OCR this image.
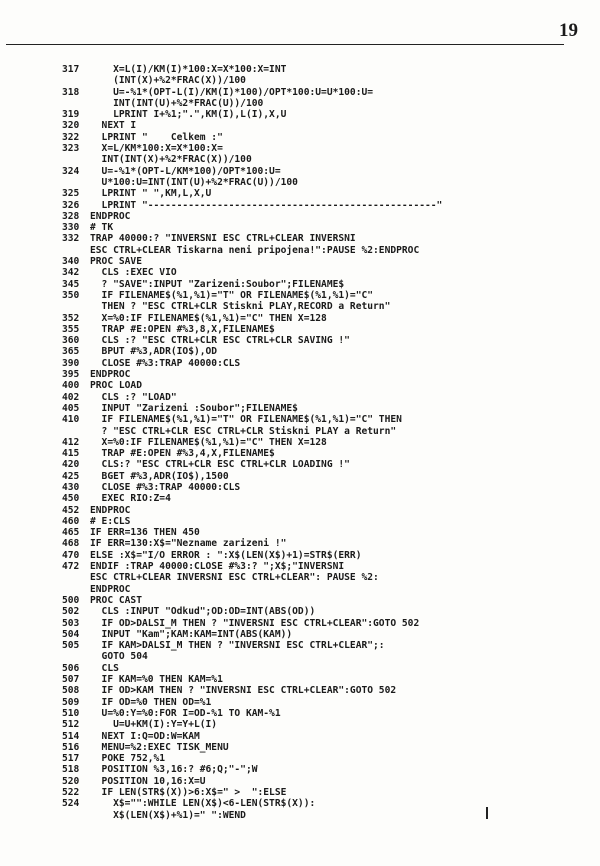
19
317	X=L(I)/KM(I)*100:X=X*100:X=INT
(INT(X)+%2*FRAC(X))/100
318	U=-%1*(OPT-L(I)/KM(I)*100)/OPT*100:U=U*100:U=
INT(INT(U)+%2*FRAC(U))/100
319	LPRINT I+%1;".",KM(I),L(I),X,U
320	NEXT I
322	LPRINT "    Celkem :"
323	X=L/KM*100:X=X*100:X=
INT(INT(X)+%2*FRAC(X))/100
324	U=-%1*(OPT-L/KM*100)/OPT*100:U=
U*100:U=INT(INT(U)+%2*FRAC(U))/100
325	LPRINT " ",KM,L,X,U
326	LPRINT "--------------------------------------------------"
328	ENDPROC
330	# TK
332	TRAP 40000:? "INVERSNI ESC CTRL+CLEAR INVERSNI
ESC CTRL+CLEAR Tiskarna neni pripojena!":PAUSE %2:ENDPROC
340	PROC SAVE
342	CLS :EXEC VIO
345	? "SAVE":INPUT "Zarizeni:Soubor";FILENAME$
350	IF FILENAME$(%1,%1)="T" OR FILENAME$(%1,%1)="C"
THEN ? "ESC CTRL+CLR Stiskni PLAY,RECORD a Return"
352	X=%0:IF FILENAME$(%1,%1)="C" THEN X=128
355	TRAP #E:OPEN #%3,8,X,FILENAME$
360	CLS :? "ESC CTRL+CLR ESC CTRL+CLR SAVING !"
365	BPUT #%3,ADR(IO$),OD
390	CLOSE #%3:TRAP 40000:CLS
395	ENDPROC
400	PROC LOAD
402	CLS :? "LOAD"
405	INPUT "Zarizeni :Soubor";FILENAME$
410	IF FILENAME$(%1,%1)="T" OR FILENAME$(%1,%1)="C" THEN
? "ESC CTRL+CLR ESC CTRL+CLR Stiskni PLAY a Return"
412	X=%0:IF FILENAME$(%1,%1)="C" THEN X=128
415	TRAP #E:OPEN #%3,4,X,FILENAME$
420	CLS:? "ESC CTRL+CLR ESC CTRL+CLR LOADING !"
425	BGET #%3,ADR(IO$),1500
430	CLOSE #%3:TRAP 40000:CLS
450	EXEC RIO:Z=4
452	ENDPROC
460	# E:CLS
465	IF ERR=136 THEN 450
468	IF ERR=130:X$="Nezname zarizeni !"
470	ELSE :X$="I/O ERROR : ":X$(LEN(X$)+1)=STR$(ERR)
472	ENDIF :TRAP 40000:CLOSE #%3:? ";X$;"INVERSNI
ESC CTRL+CLEAR INVERSNI ESC CTRL+CLEAR": PAUSE %2:
ENDPROC
500	PROC CAST
502	CLS :INPUT "Odkud";OD:OD=INT(ABS(OD))
503	IF OD>DALSI_M THEN ? "INVERSNI ESC CTRL+CLEAR":GOTO 502
504	INPUT "Kam";KAM:KAM=INT(ABS(KAM))
505	IF KAM>DALSI_M THEN ? "INVERSNI ESC CTRL+CLEAR";:
GOTO 504
506	CLS
507	IF KAM=%0 THEN KAM=%1
508	IF OD>KAM THEN ? "INVERSNI ESC CTRL+CLEAR":GOTO 502
509	IF OD=%0 THEN OD=%1
510	U=%0:Y=%0:FOR I=OD-%1 TO KAM-%1
512	U=U+KM(I):Y=Y+L(I)
514	NEXT I:Q=OD:W=KAM
516	MENU=%2:EXEC TISK_MENU
517	POKE 752,%1
518	POSITION %3,16:? #6;Q;"-";W
520	POSITION 10,16:X=U
522	IF LEN(STR$(X))>6:X$=" >  ":ELSE
524	X$="":WHILE LEN(X$)<6-LEN(STR$(X)):
X$(LEN(X$)+%1)=" ":WEND
